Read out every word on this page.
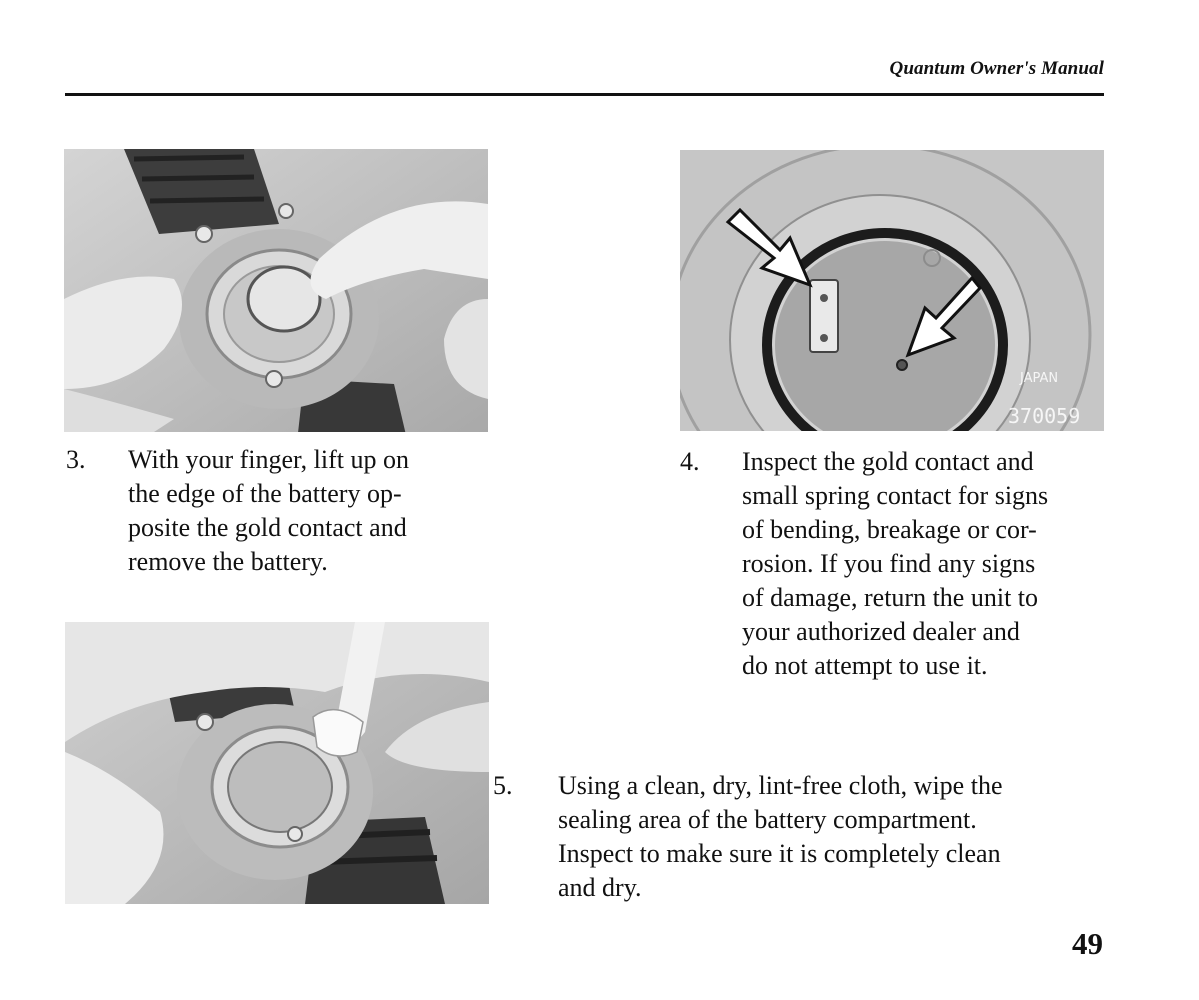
Quantum Owner's Manual
JAPAN
370059
3. With your finger, lift up on
the edge of the battery op-
posite the gold contact and
remove the battery.
4. Inspect the gold contact and
small spring contact for signs
of bending, breakage or cor-
rosion. If you find any signs
of damage, return the unit to
your authorized dealer and
do not attempt to use it.
5. Using a clean, dry, lint-free cloth, wipe the
sealing area of the battery compartment.
Inspect to make sure it is completely clean
and dry.
49
